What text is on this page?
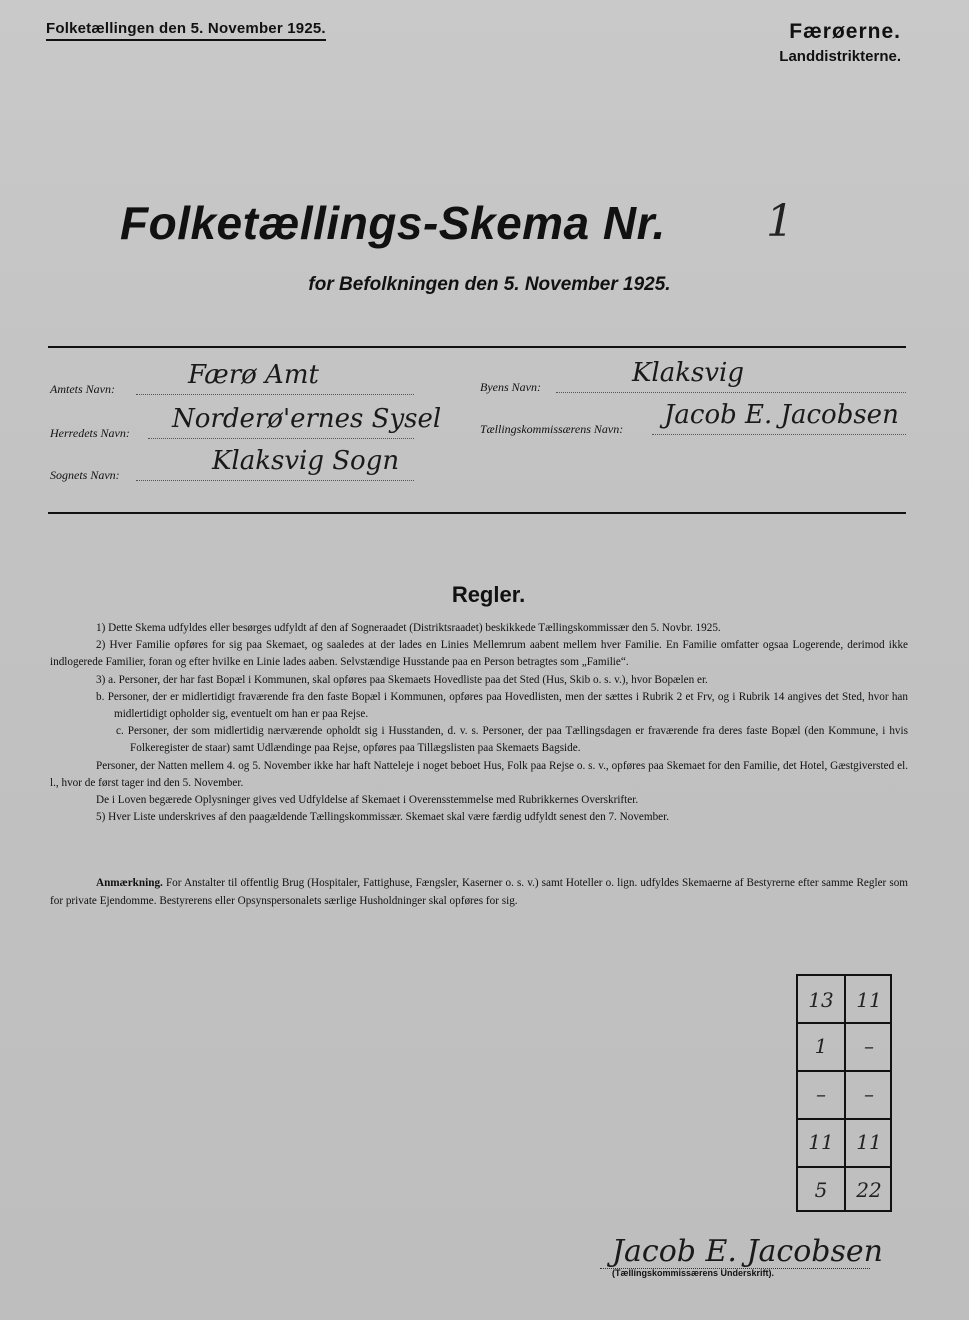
Folketællingen den 5. November 1925.	Færøerne.
Landdistrikterne.
Folketællings-Skema Nr. 1
for Befolkningen den 5. November 1925.
Amtets Navn:	Færø Amt
Herredets Navn: Norderø'ernes Sysel
Sognets Navn:	Klaksvig Sogn
Byens Navn:	Klaksvig
Tællingskommissærens Navn: Jacob E. Jacobsen
Regler.

1) Dette Skema udfyldes eller besørges udfyldt af den af Sogneraadet (Distriktsraadet) beskikkede Tællingskommissær den 5. Novbr. 1925.

2) Hver Familie opføres for sig paa Skemaet, og saaledes at der lades en Linies Mellemrum aabent mellem hver Familie. En Familie omfatter ogsaa Logerende, derimod ikke indlogerede Familier, foran og efter hvilke en Linie lades aaben. Selvstændige Husstande paa en Person betragtes som „Familie“.

3) a. Personer, der har fast Bopæl i Kommunen, skal opføres paa Skemaets Hovedliste paa det Sted (Hus, Skib o. s. v.), hvor Bopælen er.

b. Personer, der er midlertidigt fraværende fra den faste Bopæl i Kommunen, opføres paa Hovedlisten, men der sættes i Rubrik 2 et Frv, og i Rubrik 14 angives det Sted, hvor han midlertidigt opholder sig, eventuelt om han er paa Rejse.

c. Personer, der som midlertidig nærværende opholdt sig i Husstanden, d. v. s. Personer, der paa Tællingsdagen er fraværende fra deres faste Bopæl (den Kommune, i hvis Folkeregister de staar) samt Udlændinge paa Rejse, opføres paa Tillægslisten paa Skemaets Bagside.

Personer, der Natten mellem 4. og 5. November ikke har haft Natteleje i noget beboet Hus, Folk paa Rejse o. s. v., opføres paa Skemaet for den Familie, det Hotel, Gæstgiversted el. l., hvor de først tager ind den 5. November.

De i Loven begærede Oplysninger gives ved Udfyldelse af Skemaet i Overensstemmelse med Rubrikkernes Overskrifter.

5) Hver Liste underskrives af den paagældende Tællingskommissær. Skemaet skal være færdig udfyldt senest den 7. November.

Anmærkning. For Anstalter til offentlig Brug (Hospitaler, Fattighuse, Fængsler, Kaserner o. s. v.) samt Hoteller o. lign. udfyldes Skemaerne af Bestyrerne efter samme Regler som for private Ejendomme. Bestyrerens eller Opsynspersonalets særlige Husholdninger skal opføres for sig.
13	11
1	–
–	–
11	11
5	22
Jacob E. Jacobsen
(Tællingskommissærens Underskrift).
